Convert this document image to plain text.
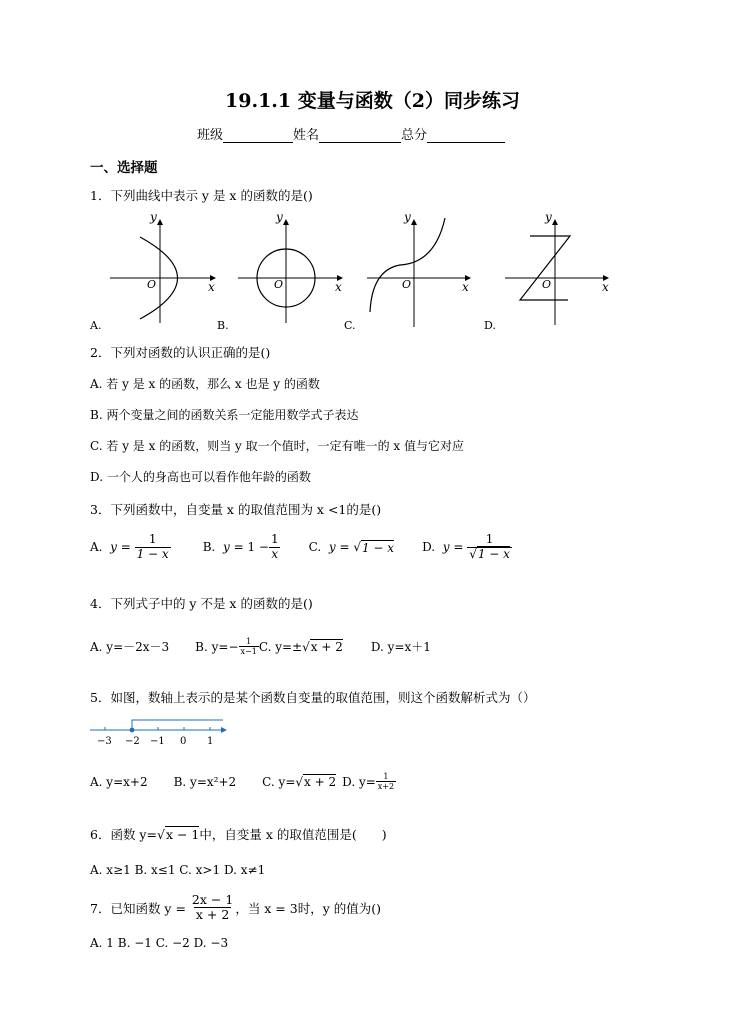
19.1.1 变量与函数（2）同步练习
班级	姓名	总分
一、选择题
1．下列曲线中表示 y 是 x 的函数的是()
O	x
y
A.
O	x
y
B.
O	x
y
C.
O	x
y
D.
2．下列对函数的认识正确的是()
A. 若 y 是 x 的函数，那么 x 也是 y 的函数
B. 两个变量之间的函数关系一定能用数学式子表达
C. 若 y 是 x 的函数，则当 y 取一个值时，一定有唯一的 x 值与它对应
D. 一个人的身高也可以看作他年龄的函数
3．下列函数中，自变量 x 的取值范围为 x <1的是()
A.
y =
$\frac{1}{1 - x}$	B.
y =
$1 - \frac{1}{x} C$.
y = √ 1 − x D.
y =
$\frac{1}{√1 - x}$
4．下列式子中的 y 不是 x 的函数的是()
A. y=－2x－3 B. $y=- \frac{1}{x-1} C$. y=± √ x + 2 D. y=x＋1
5．如图，数轴上表示的是某个函数自变量的取值范围，则这个函数解析式为（）
−3 −2 −1 0 1
A. y=x+2 B. y=x²+2 C. y= √ x + 2 D. $y= \frac{1}{x+2}$
6．函数 y= √ x − 1 中，自变量 x 的取值范围是(　　)
A. x≥1 B. x≤1 C. x>1 D. x≠1
7．已知函数 y =
$\frac{2x - 1}{x + 2}$ ，当 x = 3时，y 的值为()
A. 1 B. −1 C. −2 D. −3
